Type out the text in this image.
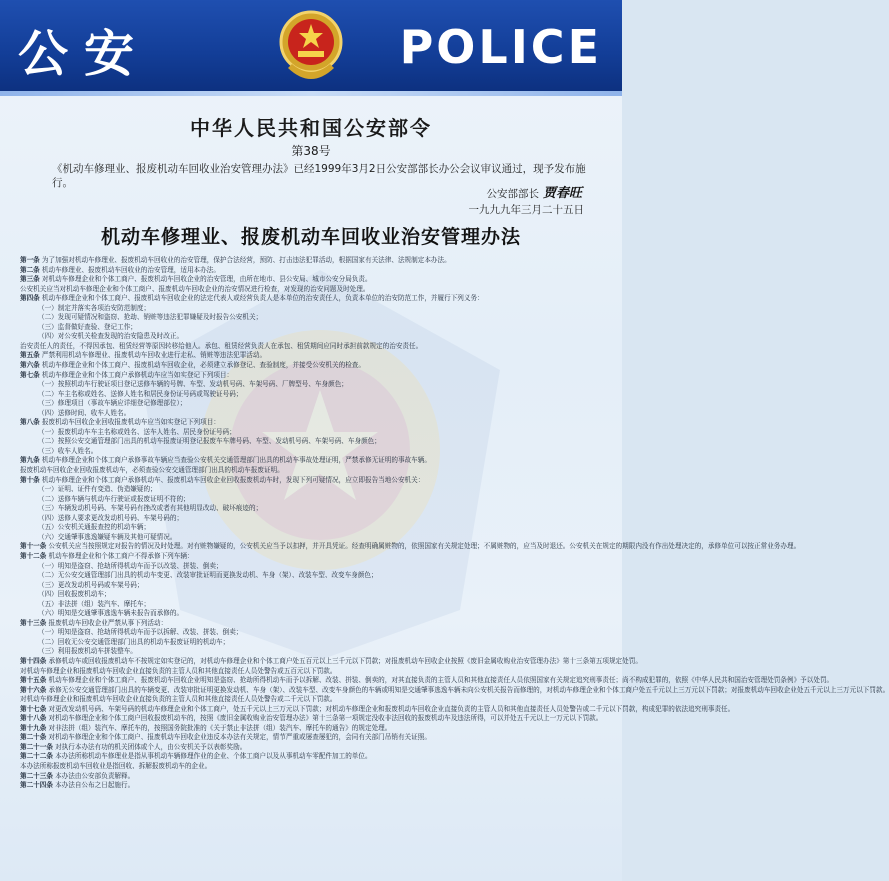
公安	POLICE
中华人民共和国公安部令
第38号
《机动车修理业、报废机动车回收业治安管理办法》已经1999年3月2日公安部部长办公会议审议通过，现予发布施行。
公安部部长 贾春旺
一九九九年三月二十五日
机动车修理业、报废机动车回收业治安管理办法

第一条 为了加强对机动车修理业、报废机动车回收业的治安管理，保护合法经营，预防、打击违法犯罪活动，根据国家有关法律、法规制定本办法。

第二条 机动车修理业、报废机动车回收业的治安管理，适用本办法。

第三条 对机动车修理企业和个体工商户、报废机动车回收企业的治安管理，由所在地市、县公安局、城市公安分局负责。

公安机关应当对机动车修理企业和个体工商户、报废机动车回收企业的治安情况进行检查，对发现的治安问题及时处理。

第四条 机动车修理企业和个体工商户、报废机动车回收企业的法定代表人或经营负责人是本单位的治安责任人，负责本单位的治安防范工作，并履行下列义务：

（一）制定并落实各项治安防范制度；

（二）发现可疑情况和盗窃、抢劫、销赃等违法犯罪嫌疑及时报告公安机关；

（三）监督做好查验、登记工作；

（四）对公安机关检查发现的治安隐患及时改正。

治安责任人的责任，不得因承包、租赁经营等原因转移给他人。承包、租赁经营负责人在承包、租赁期间应同时承担前款规定的治安责任。

第五条 严禁利用机动车修理业、报废机动车回收业进行走私、销赃等违法犯罪活动。

第六条 机动车修理企业和个体工商户、报废机动车回收企业，必须建立承修登记、查验制度，并接受公安机关的检查。

第七条 机动车修理企业和个体工商户承修机动车应当如实登记下列项目：

（一）按照机动车行驶证项目登记送修车辆的号牌、车型、发动机号码、车架号码、厂牌型号、车身颜色；

（二）车主名称或姓名、送修人姓名和居民身份证号码或驾驶证号码；

（三）修理项目（事故车辆应详细登记修理部位）；

（四）送修时间、收车人姓名。

第八条 报废机动车回收企业回收报废机动车应当如实登记下列项目：

（一）报废机动车车主名称或姓名、送车人姓名、居民身份证号码；

（二）按照公安交通管理部门出具的机动车报废证明登记报废车车牌号码、车型、发动机号码、车架号码、车身颜色；

（三）收车人姓名。

第九条 机动车修理企业和个体工商户承修事故车辆应当查验公安机关交通管理部门出具的机动车事故处理证明，严禁承修无证明的事故车辆。

报废机动车回收企业回收报废机动车，必须查验公安交通管理部门出具的机动车报废证明。

第十条 机动车修理企业和个体工商户承修机动车、报废机动车回收企业回收报废机动车时，发现下列可疑情况，应立即报告当地公安机关：

（一）证明、证件有变造、伪造嫌疑的；

（二）送修车辆与机动车行驶证或报废证明不符的；

（三）车辆发动机号码、车架号码有挫改或者有其他明显改动、破坏痕迹的；

（四）送修人要求更改发动机号码、车架号码的；

（五）公安机关通报查控的机动车辆；

（六）交通肇事逃逸嫌疑车辆及其他可疑情况。

第十一条 公安机关应当按照规定对报告的情况及时处理。对有赃物嫌疑的，公安机关应当予以扣押，并开具凭证。经查明确属赃物的，依照国家有关规定处理；不属赃物的，应当及时退还。公安机关在规定的期限内没有作出处理决定的，承修单位可以按正常业务办理。

第十二条 机动车修理企业和个体工商户不得承修下列车辆：

（一）明知是盗窃、抢劫所得机动车而予以改装、拼装、倒卖；

（二）无公安交通管理部门出具的机动车变更、改装审批证明而更换发动机、车身（架）、改装车型、改变车身颜色；

（三）更改发动机号码或车架号码；

（四）回收报废机动车；

（五）非法拼（组）装汽车、摩托车；

（六）明知是交通肇事逃逸车辆未报告而承修的。

第十三条 报废机动车回收企业严禁从事下列活动：

（一）明知是盗窃、抢劫所得机动车而予以拆解、改装、拼装、倒卖；

（二）回收无公安交通管理部门出具的机动车报废证明的机动车；

（三）利用报废机动车拼装整车。

第十四条 承修机动车或回收报废机动车不按规定如实登记的，对机动车修理企业和个体工商户处五百元以上三千元以下罚款；对报废机动车回收企业按照《废旧金属收购业治安管理办法》第十三条第五项规定处罚。

对机动车修理企业和报废机动车回收企业直接负责的主管人员和其他直接责任人员处警告或五百元以下罚款。

第十五条 机动车修理企业和个体工商户、报废机动车回收企业明知是盗窃、抢劫所得机动车而予以拆解、改装、拼装、倒卖的，对其直接负责的主管人员和其他直接责任人员依照国家有关规定追究刑事责任；尚不构成犯罪的，依照《中华人民共和国治安管理处罚条例》予以处罚。

第十六条 承修无公安交通管理部门出具的车辆变更、改装审批证明更换发动机、车身（架）、改装车型、改变车身颜色的车辆或明知是交通肇事逃逸车辆未向公安机关报告而修理的，对机动车修理企业和个体工商户处五千元以上三万元以下罚款；对报废机动车回收企业处五千元以上三万元以下罚款。

对机动车修理企业和报废机动车回收企业直接负责的主管人员和其他直接责任人员处警告或二千元以下罚款。

第十七条 对更改发动机号码、车架号码的机动车修理企业和个体工商户，处五千元以上三万元以下罚款；对机动车修理企业和报废机动车回收企业直接负责的主管人员和其他直接责任人员处警告或二千元以下罚款，构成犯罪的依法追究刑事责任。

第十八条 对机动车修理企业和个体工商户回收报废机动车的，按照《废旧金属收购业治安管理办法》第十三条第一项规定没收非法回收的报废机动车及违法所得，可以并处五千元以上一万元以下罚款。

第十九条 对非法拼（组）装汽车、摩托车的，按照国务院批准的《关于禁止非法拼（组）装汽车、摩托车的通告》的规定处理。

第二十条 对机动车修理企业和个体工商户、报废机动车回收企业违反本办法有关规定，情节严重或屡查屡犯的，会同有关部门吊销有关证照。

第二十一条 对执行本办法有功的机关团体或个人，由公安机关予以表彰奖励。

第二十二条 本办法所称机动车修理业是指从事机动车辆修理作业的企业、个体工商户以及从事机动车零配件加工的单位。

本办法所称报废机动车回收业是指回收、拆解报废机动车的企业。

第二十三条 本办法由公安部负责解释。

第二十四条 本办法自公布之日起施行。
